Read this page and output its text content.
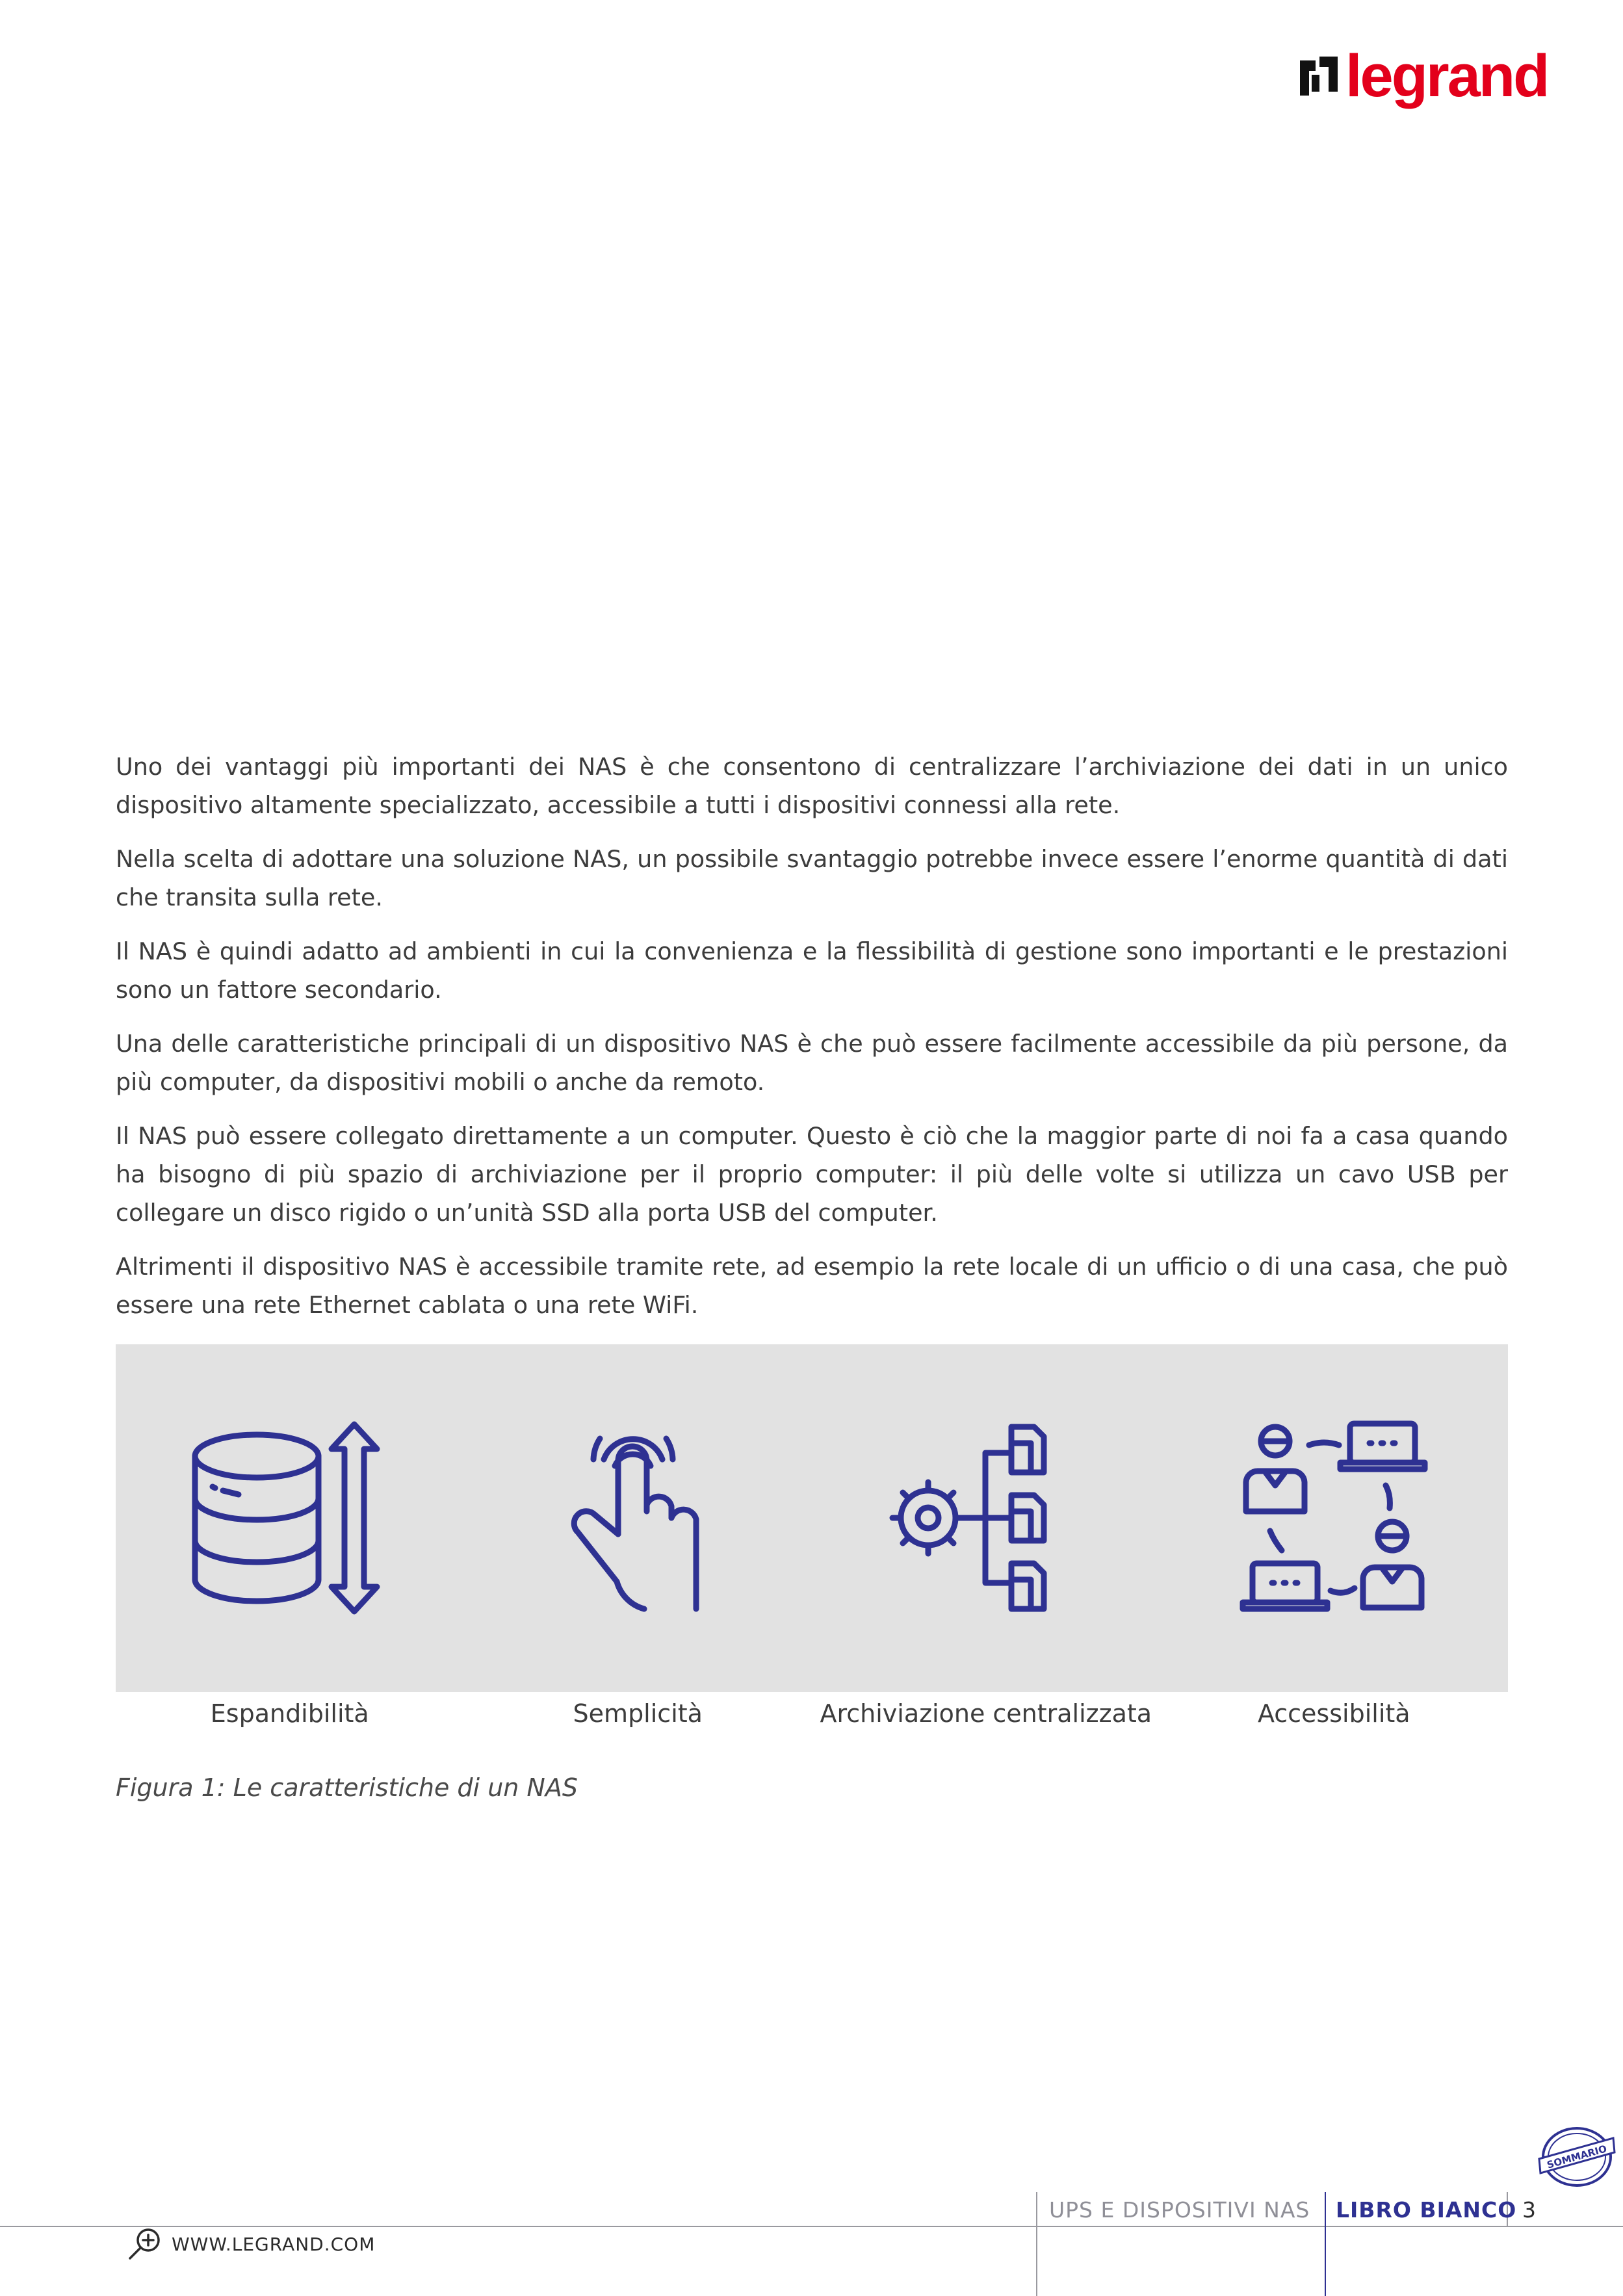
legrand

Uno dei vantaggi più importanti dei NAS è che consentono di centralizzare l’archiviazione dei dati in un unico dispositivo altamente specializzato, accessibile a tutti i dispositivi connessi alla rete.

Nella scelta di adottare una soluzione NAS, un possibile svantaggio potrebbe invece essere l’enorme quantità di dati che transita sulla rete.

Il NAS è quindi adatto ad ambienti in cui la convenienza e la flessibilità di gestione sono importanti e le prestazioni sono un fattore secondario.

Una delle caratteristiche principali di un dispositivo NAS è che può essere facilmente accessibile da più persone, da più computer, da dispositivi mobili o anche da remoto.

Il NAS può essere collegato direttamente a un computer. Questo è ciò che la maggior parte di noi fa a casa quando ha bisogno di più spazio di archiviazione per il proprio computer: il più delle volte si utilizza un cavo USB per collegare un disco rigido o un’unità SSD alla porta USB del computer.

Altrimenti il dispositivo NAS è accessibile tramite rete, ad esempio la rete locale di un ufficio o di una casa, che può essere una rete Ethernet cablata o una rete WiFi.

Espandibilità	Semplicità	Archiviazione centralizzata	Accessibilità
Figura 1: Le caratteristiche di un NAS
SOMMARIO
UPS E DISPOSITIVI NAS LIBRO BIANCO 3
WWW.LEGRAND.COM
